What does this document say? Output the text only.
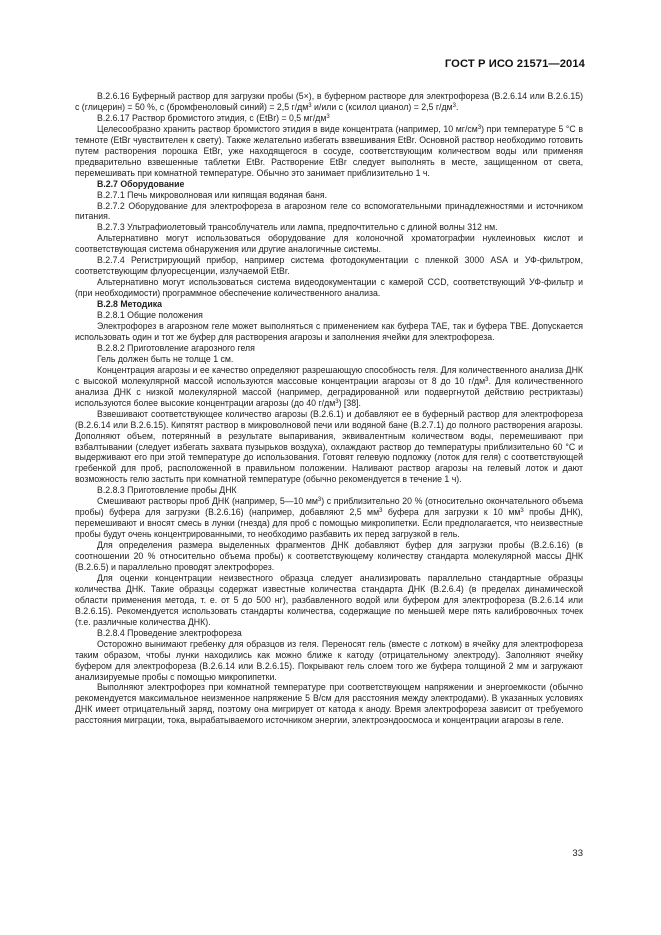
ГОСТ Р ИСО 21571—2014

B.2.6.16 Буферный раствор для загрузки пробы (5×), в буферном растворе для электрофореза (B.2.6.14 или B.2.6.15) c (глицерин) = 50 %, c (бромфеноловый синий) = 2,5 $г/дм^3$ и/или c (ксилол цианол) = 2,5 $г/дм^3$.

B.2.6.17 Раствор бромистого этидия, c (EtBr) = 0,5 $мг/дм^3$

Целесообразно хранить раствор бромистого этидия в виде концентрата (например, 10 $мг/см^3$) при температуре 5 °С в темноте (EtBr чувствителен к свету). Также желательно избегать взвешивания EtBr. Основной раствор необходимо готовить путем растворения порошка EtBr, уже находящегося в сосуде, соответствующим количеством воды или применяя предварительно взвешенные таблетки EtBr. Растворение EtBr следует выполнять в месте, защищенном от света, перемешивать при комнатной температуре. Обычно это занимает приблизительно 1 ч.

B.2.7 Оборудование

B.2.7.1 Печь микроволновая или кипящая водяная баня.

B.2.7.2 Оборудование для электрофореза в агарозном геле со вспомогательными принадлежностями и источником питания.

B.2.7.3 Ультрафиолетовый трансоблучатель или лампа, предпочтительно с длиной волны 312 нм.

Альтернативно могут использоваться оборудование для колоночной хроматографии нуклеиновых кислот и соответствующая система обнаружения или другие аналогичные системы.

B.2.7.4 Регистрирующий прибор, например система фотодокументации с пленкой 3000 ASA и УФ-фильтром, соответствующим флуоресценции, излучаемой EtBr.

Альтернативно могут использоваться система видеодокументации с камерой CCD, соответствующий УФ-фильтр и (при необходимости) программное обеспечение количественного анализа.

B.2.8 Методика

B.2.8.1 Общие положения

Электрофорез в агарозном геле может выполняться с применением как буфера TAE, так и буфера TBE. Допускается использовать один и тот же буфер для растворения агарозы и заполнения ячейки для электрофореза.

B.2.8.2 Приготовление агарозного геля

Гель должен быть не толще 1 см.

Концентрация агарозы и ее качество определяют разрешающую способность геля. Для количественного анализа ДНК с высокой молекулярной массой используются массовые концентрации агарозы от 8 до 10 $г/дм^3$. Для количественного анализа ДНК с низкой молекулярной массой (например, деградированной или подвергнутой действию рестриктазы) используются более высокие концентрации агарозы (до 40 $г/дм^3$) [38].

Взвешивают соответствующее количество агарозы (B.2.6.1) и добавляют ее в буферный раствор для электрофореза (B.2.6.14 или B.2.6.15). Кипятят раствор в микроволновой печи или водяной бане (B.2.7.1) до полного растворения агарозы. Дополняют объем, потерянный в результате выпаривания, эквивалентным количеством воды, перемешивают при взбалтывании (следует избегать захвата пузырьков воздуха), охлаждают раствор до температуры приблизительно 60 °С и выдерживают его при этой температуре до использования. Готовят гелевую подложку (лоток для геля) с соответствующей гребенкой для проб, расположенной в правильном положении. Наливают раствор агарозы на гелевый лоток и дают возможность гелю застыть при комнатной температуре (обычно рекомендуется в течение 1 ч).

B.2.8.3 Приготовление пробы ДНК

Смешивают растворы проб ДНК (например, 5—10 $мм^3$) с приблизительно 20 % (относительно окончательного объема пробы) буфера для загрузки (B.2.6.16) (например, добавляют 2,5 $мм^3$ буфера для загрузки к 10 $мм^3$ пробы ДНК), перемешивают и вносят смесь в лунки (гнезда) для проб с помощью микропипетки. Если предполагается, что неизвестные пробы будут очень концентрированными, то необходимо разбавить их перед загрузкой в гель.

Для определения размера выделенных фрагментов ДНК добавляют буфер для загрузки пробы (B.2.6.16) (в соотношении 20 % относительно объема пробы) к соответствующему количеству стандарта молекулярной массы ДНК (B.2.6.5) и параллельно проводят электрофорез.

Для оценки концентрации неизвестного образца следует анализировать параллельно стандартные образцы количества ДНК. Такие образцы содержат известные количества стандарта ДНК (B.2.6.4) (в пределах динамической области применения метода, т. е. от 5 до 500 нг), разбавленного водой или буфером для электрофореза (B.2.6.14 или B.2.6.15). Рекомендуется использовать стандарты количества, содержащие по меньшей мере пять калибровочных точек (т.е. различные количества ДНК).

B.2.8.4 Проведение электрофореза

Осторожно вынимают гребенку для образцов из геля. Переносят гель (вместе с лотком) в ячейку для электрофореза таким образом, чтобы лунки находились как можно ближе к катоду (отрицательному электроду). Заполняют ячейку буфером для электрофореза (B.2.6.14 или B.2.6.15). Покрывают гель слоем того же буфера толщиной 2 мм и загружают анализируемые пробы с помощью микропипетки.

Выполняют электрофорез при комнатной температуре при соответствующем напряжении и энергоемкости (обычно рекомендуется максимальное неизменное напряжение 5 В/см для расстояния между электродами). В указанных условиях ДНК имеет отрицательный заряд, поэтому она мигрирует от катода к аноду. Время электрофореза зависит от требуемого расстояния миграции, тока, вырабатываемого источником энергии, электроэндоосмоса и концентрации агарозы в геле.

33
